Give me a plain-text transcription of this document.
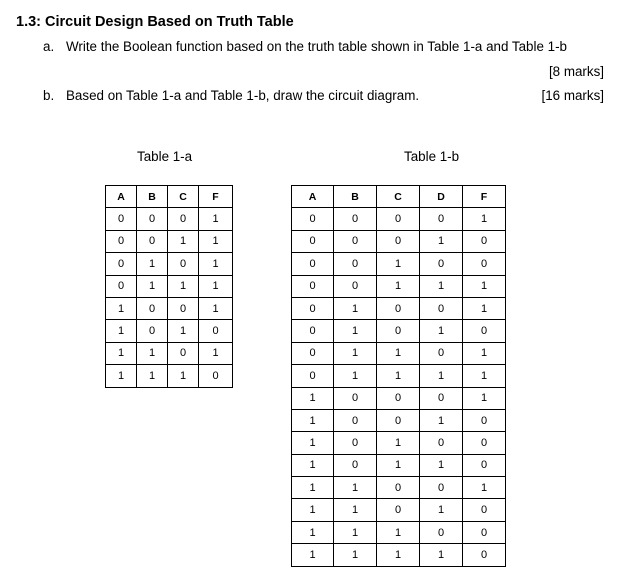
1.3: Circuit Design Based on Truth Table
a. Write the Boolean function based on the truth table shown in Table 1-a and Table 1-b
[8 marks]
b. Based on Table 1-a and Table 1-b, draw the circuit diagram.	[16 marks]
Table 1-a	Table 1-b
A	B	C	F
0	0	0	1
0	0	1	1
0	1	0	1
0	1	1	1
1	0	0	1
1	0	1	0
1	1	0	1
1	1	1	0
A	B	C	D	F
0	0	0	0	1
0	0	0	1	0
0	0	1	0	0
0	0	1	1	1
0	1	0	0	1
0	1	0	1	0
0	1	1	0	1
0	1	1	1	1
1	0	0	0	1
1	0	0	1	0
1	0	1	0	0
1	0	1	1	0
1	1	0	0	1
1	1	0	1	0
1	1	1	0	0
1	1	1	1	0
